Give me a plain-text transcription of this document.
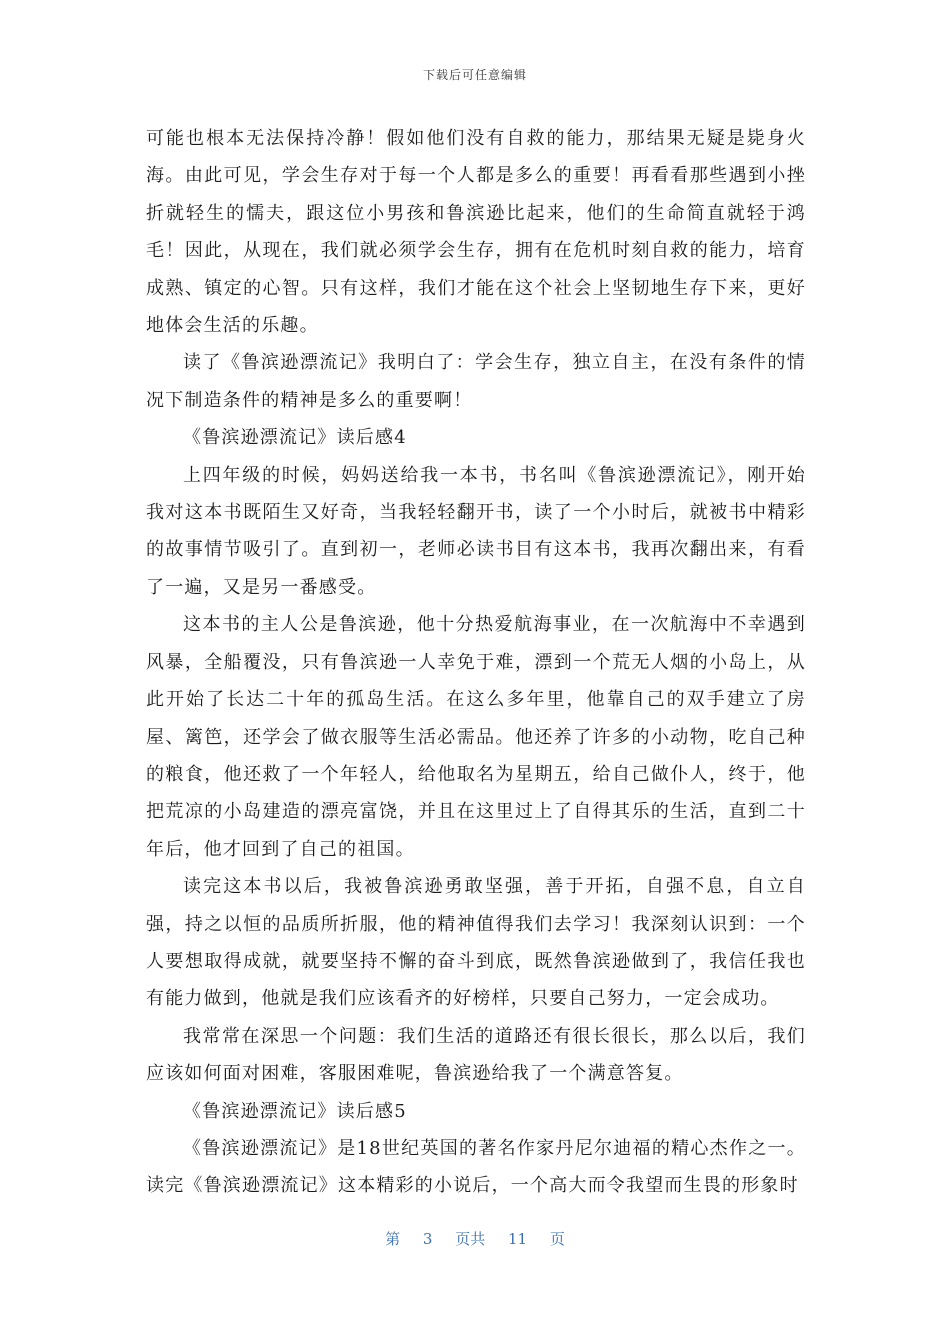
下载后可任意编辑

可能也根本无法保持冷静！假如他们没有自救的能力，那结果无疑是毙身火海。由此可见，学会生存对于每一个人都是多么的重要！再看看那些遇到小挫折就轻生的懦夫，跟这位小男孩和鲁滨逊比起来，他们的生命简直就轻于鸿毛！因此，从现在，我们就必须学会生存，拥有在危机时刻自救的能力，培育成熟、镇定的心智。只有这样，我们才能在这个社会上坚韧地生存下来，更好地体会生活的乐趣。

读了《鲁滨逊漂流记》我明白了：学会生存，独立自主，在没有条件的情况下制造条件的精神是多么的重要啊！

《鲁滨逊漂流记》读后感4

上四年级的时候，妈妈送给我一本书，书名叫《鲁滨逊漂流记》，刚开始我对这本书既陌生又好奇，当我轻轻翻开书，读了一个小时后，就被书中精彩的故事情节吸引了。直到初一，老师必读书目有这本书，我再次翻出来，有看了一遍，又是另一番感受。

这本书的主人公是鲁滨逊，他十分热爱航海事业，在一次航海中不幸遇到风暴，全船覆没，只有鲁滨逊一人幸免于难，漂到一个荒无人烟的小岛上，从此开始了长达二十年的孤岛生活。在这么多年里，他靠自己的双手建立了房屋、篱笆，还学会了做衣服等生活必需品。他还养了许多的小动物，吃自己种的粮食，他还救了一个年轻人，给他取名为星期五，给自己做仆人，终于，他把荒凉的小岛建造的漂亮富饶，并且在这里过上了自得其乐的生活，直到二十年后，他才回到了自己的祖国。

读完这本书以后，我被鲁滨逊勇敢坚强，善于开拓，自强不息，自立自强，持之以恒的品质所折服，他的精神值得我们去学习！我深刻认识到：一个人要想取得成就，就要坚持不懈的奋斗到底，既然鲁滨逊做到了，我信任我也有能力做到，他就是我们应该看齐的好榜样，只要自己努力，一定会成功。

我常常在深思一个问题：我们生活的道路还有很长很长，那么以后，我们应该如何面对困难，客服困难呢，鲁滨逊给我了一个满意答复。

《鲁滨逊漂流记》读后感5

《鲁滨逊漂流记》是18世纪英国的著名作家丹尼尔迪福的精心杰作之一。读完《鲁滨逊漂流记》这本精彩的小说后，一个高大而令我望而生畏的形象时

第 3 页共 11 页
